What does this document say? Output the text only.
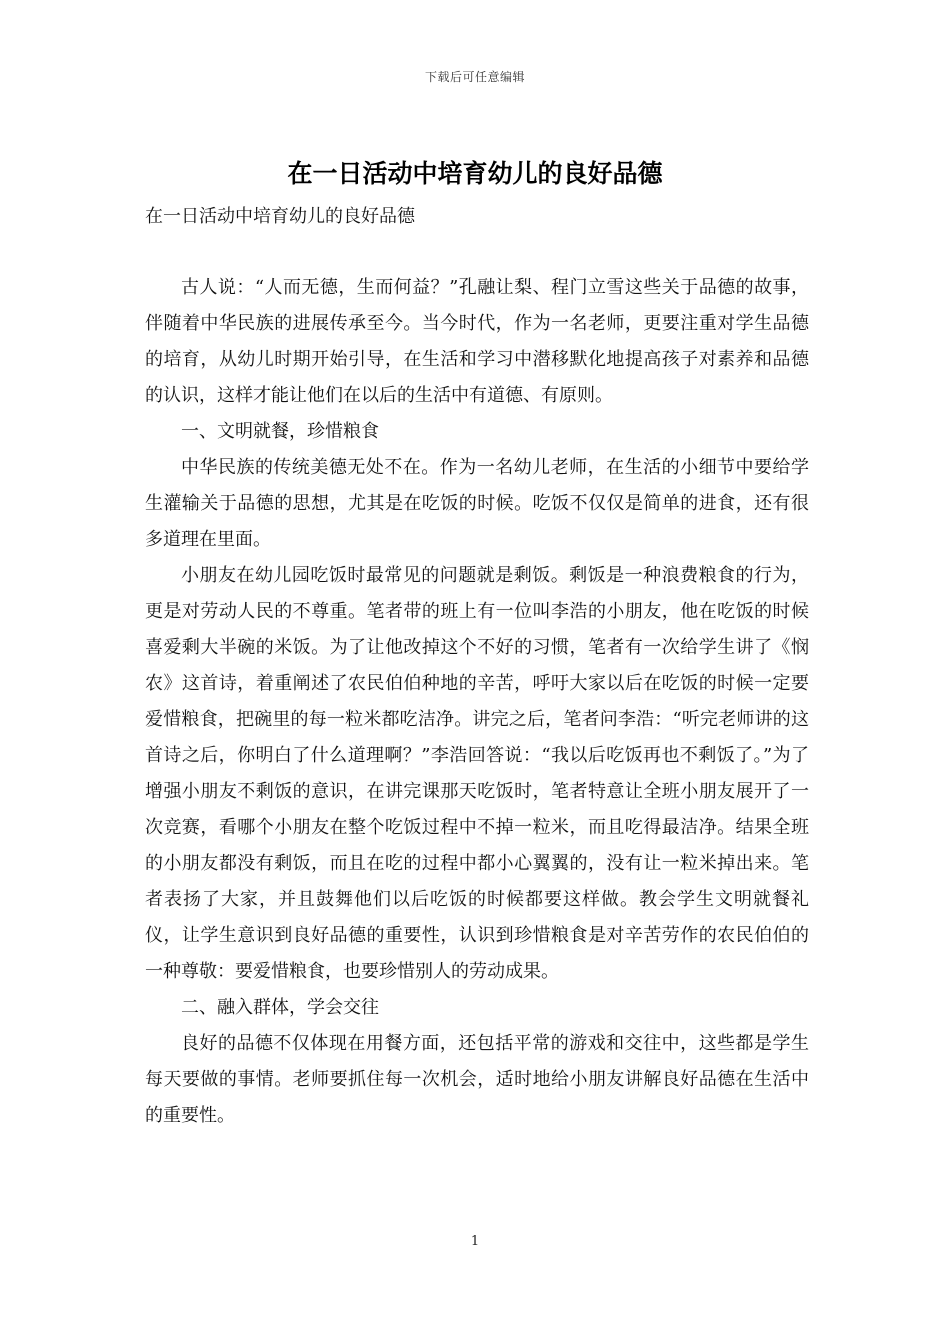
下载后可任意编辑
在一日活动中培育幼儿的良好品德
在一日活动中培育幼儿的良好品德

古人说：“人而无德，生而何益？”孔融让梨、程门立雪这些关于品德的故事，伴随着中华民族的进展传承至今。当今时代，作为一名老师，更要注重对学生品德的培育，从幼儿时期开始引导，在生活和学习中潜移默化地提高孩子对素养和品德的认识，这样才能让他们在以后的生活中有道德、有原则。

一、文明就餐，珍惜粮食

中华民族的传统美德无处不在。作为一名幼儿老师，在生活的小细节中要给学生灌输关于品德的思想，尤其是在吃饭的时候。吃饭不仅仅是简单的进食，还有很多道理在里面。

小朋友在幼儿园吃饭时最常见的问题就是剩饭。剩饭是一种浪费粮食的行为，更是对劳动人民的不尊重。笔者带的班上有一位叫李浩的小朋友，他在吃饭的时候喜爱剩大半碗的米饭。为了让他改掉这个不好的习惯，笔者有一次给学生讲了《悯农》这首诗，着重阐述了农民伯伯种地的辛苦，呼吁大家以后在吃饭的时候一定要爱惜粮食，把碗里的每一粒米都吃洁净。讲完之后，笔者问李浩：“听完老师讲的这首诗之后，你明白了什么道理啊？”李浩回答说：“我以后吃饭再也不剩饭了。”为了增强小朋友不剩饭的意识，在讲完课那天吃饭时，笔者特意让全班小朋友展开了一次竞赛，看哪个小朋友在整个吃饭过程中不掉一粒米，而且吃得最洁净。结果全班的小朋友都没有剩饭，而且在吃的过程中都小心翼翼的，没有让一粒米掉出来。笔者表扬了大家，并且鼓舞他们以后吃饭的时候都要这样做。教会学生文明就餐礼仪，让学生意识到良好品德的重要性，认识到珍惜粮食是对辛苦劳作的农民伯伯的一种尊敬：要爱惜粮食，也要珍惜别人的劳动成果。

二、融入群体，学会交往

良好的品德不仅体现在用餐方面，还包括平常的游戏和交往中，这些都是学生每天要做的事情。老师要抓住每一次机会，适时地给小朋友讲解良好品德在生活中的重要性。

1
